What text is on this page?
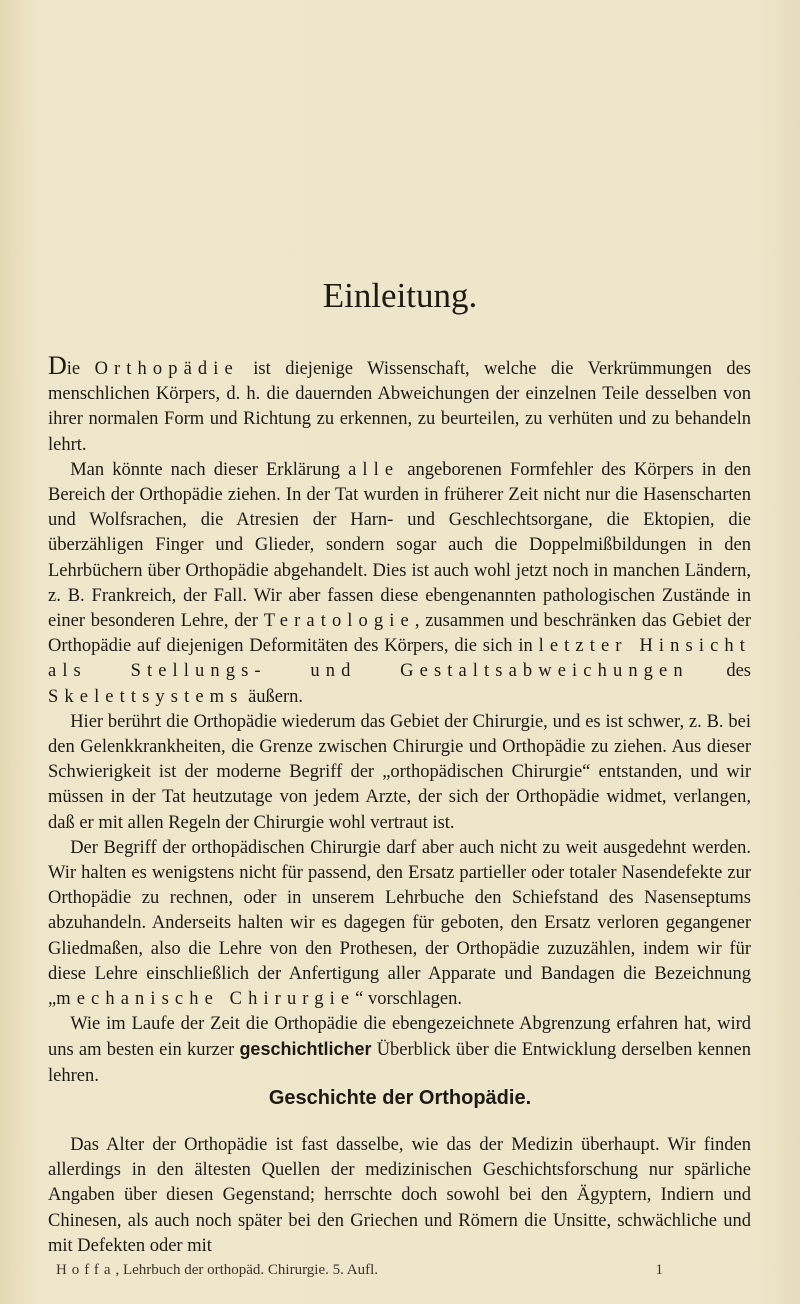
Einleitung.

Die Orthopädie ist diejenige Wissenschaft, welche die Verkrümmungen des menschlichen Körpers, d. h. die dauernden Abweichungen der einzelnen Teile desselben von ihrer normalen Form und Richtung zu erkennen, zu beurteilen, zu verhüten und zu behandeln lehrt.

Man könnte nach dieser Erklärung alle angeborenen Formfehler des Körpers in den Bereich der Orthopädie ziehen. In der Tat wurden in früherer Zeit nicht nur die Hasenscharten und Wolfsrachen, die Atresien der Harn- und Geschlechtsorgane, die Ektopien, die überzähligen Finger und Glieder, sondern sogar auch die Doppelmißbildungen in den Lehrbüchern über Orthopädie abgehandelt. Dies ist auch wohl jetzt noch in manchen Ländern, z. B. Frankreich, der Fall. Wir aber fassen diese ebengenannten pathologischen Zustände in einer besonderen Lehre, der Teratologie, zusammen und beschränken das Gebiet der Orthopädie auf diejenigen Deformitäten des Körpers, die sich in letzter Hinsicht als Stellungs- und Gestaltsabweichungen des Skelettsystems äußern.

Hier berührt die Orthopädie wiederum das Gebiet der Chirurgie, und es ist schwer, z. B. bei den Gelenkkrankheiten, die Grenze zwischen Chirurgie und Orthopädie zu ziehen. Aus dieser Schwierigkeit ist der moderne Begriff der „orthopädischen Chirurgie“ entstanden, und wir müssen in der Tat heutzutage von jedem Arzte, der sich der Orthopädie widmet, verlangen, daß er mit allen Regeln der Chirurgie wohl vertraut ist.

Der Begriff der orthopädischen Chirurgie darf aber auch nicht zu weit ausgedehnt werden. Wir halten es wenigstens nicht für passend, den Ersatz partieller oder totaler Nasendefekte zur Orthopädie zu rechnen, oder in unserem Lehrbuche den Schiefstand des Nasenseptums abzuhandeln. Anderseits halten wir es dagegen für geboten, den Ersatz verloren gegangener Gliedmaßen, also die Lehre von den Prothesen, der Orthopädie zuzuzählen, indem wir für diese Lehre einschließlich der Anfertigung aller Apparate und Bandagen die Bezeichnung „mechanische Chirurgie“ vorschlagen.

Wie im Laufe der Zeit die Orthopädie die ebengezeichnete Abgrenzung erfahren hat, wird uns am besten ein kurzer geschichtlicher Überblick über die Entwicklung derselben kennen lehren.

Geschichte der Orthopädie.

Das Alter der Orthopädie ist fast dasselbe, wie das der Medizin überhaupt. Wir finden allerdings in den ältesten Quellen der medizinischen Geschichtsforschung nur spärliche Angaben über diesen Gegenstand; herrschte doch sowohl bei den Ägyptern, Indiern und Chinesen, als auch noch später bei den Griechen und Römern die Unsitte, schwächliche und mit Defekten oder mit

Hoffa, Lehrbuch der orthopäd. Chirurgie. 5. Aufl.	1
